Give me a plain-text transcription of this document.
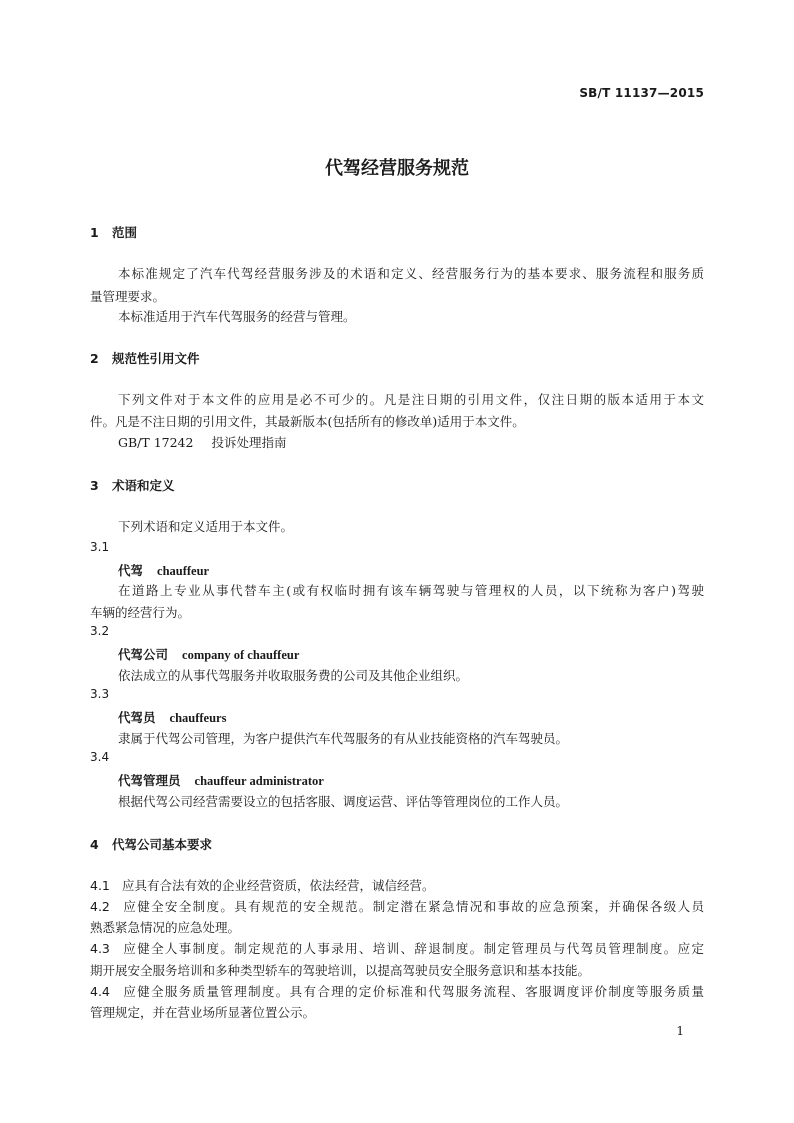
SB/T 11137—2015
代驾经营服务规范
1 范围
本标准规定了汽车代驾经营服务涉及的术语和定义、经营服务行为的基本要求、服务流程和服务质
量管理要求。
本标准适用于汽车代驾服务的经营与管理。
2 规范性引用文件
下列文件对于本文件的应用是必不可少的。凡是注日期的引用文件，仅注日期的版本适用于本文
件。凡是不注日期的引用文件，其最新版本(包括所有的修改单)适用于本文件。
GB/T 17242 投诉处理指南
3 术语和定义
下列术语和定义适用于本文件。
3.1
代驾 chauffeur
在道路上专业从事代替车主(或有权临时拥有该车辆驾驶与管理权的人员，以下统称为客户)驾驶
车辆的经营行为。
3.2
代驾公司 company of chauffeur
依法成立的从事代驾服务并收取服务费的公司及其他企业组织。
3.3
代驾员 chauffeurs
隶属于代驾公司管理，为客户提供汽车代驾服务的有从业技能资格的汽车驾驶员。
3.4
代驾管理员 chauffeur administrator
根据代驾公司经营需要设立的包括客服、调度运营、评估等管理岗位的工作人员。
4 代驾公司基本要求
4.1 应具有合法有效的企业经营资质，依法经营，诚信经营。
4.2 应健全安全制度。具有规范的安全规范。制定潜在紧急情况和事故的应急预案，并确保各级人员
熟悉紧急情况的应急处理。
4.3 应健全人事制度。制定规范的人事录用、培训、辞退制度。制定管理员与代驾员管理制度。应定
期开展安全服务培训和多种类型轿车的驾驶培训，以提高驾驶员安全服务意识和基本技能。
4.4 应健全服务质量管理制度。具有合理的定价标准和代驾服务流程、客服调度评价制度等服务质量
管理规定，并在营业场所显著位置公示。
1
